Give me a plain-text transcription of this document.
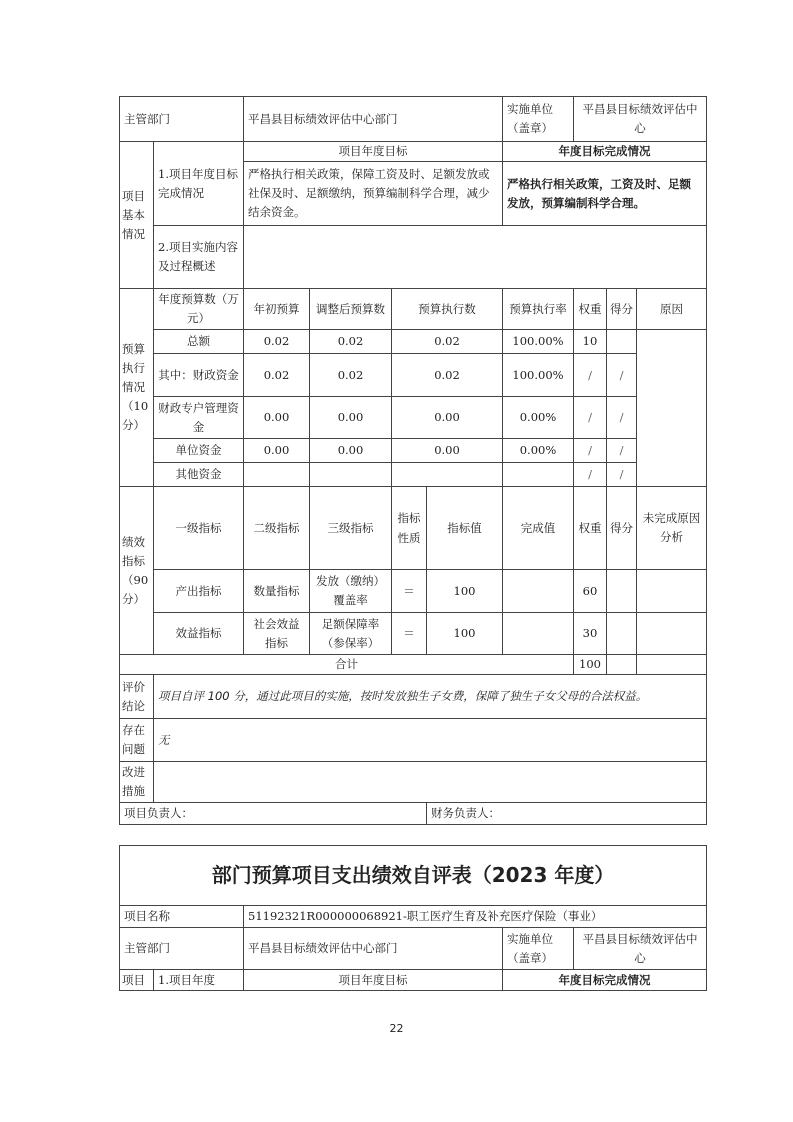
主管部门		平昌县目标绩效评估中心部门				实施单位
（盖章）	平昌县目标绩效评估中心		
项目基本情况	1.项目年度目标完成情况	项目年度目标				年度目标完成情况			
		严格执行相关政策，保障工资及时、足额发放或社保及时、足额缴纳，预算编制科学合理，减少结余资金。				严格执行相关政策，工资及时、足额发放，预算编制科学合理。			
	2.项目实施内容及过程概述								
预算执行情况（10分）	年度预算数（万元）	年初预算	调整后预算数	预算执行数		预算执行率	权重	得分	原因
	总额	0.02	0.02	0.02		100.00%	10		
	其中：财政资金	0.02	0.02	0.02		100.00%	/	/	
	财政专户管理资金	0.00	0.00	0.00		0.00%	/	/	
	单位资金	0.00	0.00	0.00		0.00%	/	/	
	其他资金						/	/	
绩效指标（90分）	一级指标	二级指标	三级指标	指标性质	指标值	完成值	权重	得分	未完成原因分析
	产出指标	数量指标	发放（缴纳）覆盖率	＝	100		60		
	效益指标	社会效益指标	足额保障率（参保率）	＝	100		30		
合计							100		
评价结论	项目自评 100 分，通过此项目的实施，按时发放独生子女费，保障了独生子女父母的合法权益。								
存在问题	无								
改进措施									
项目负责人：					财务负责人：				
部门预算项目支出绩效自评表（2023 年度）				
项目名称		51192321R000000068921-职工医疗生育及补充医疗保险（事业）		
主管部门		平昌县目标绩效评估中心部门	实施单位
（盖章）	平昌县目标绩效评估中心
项目	1.项目年度	项目年度目标	年度目标完成情况	
22
